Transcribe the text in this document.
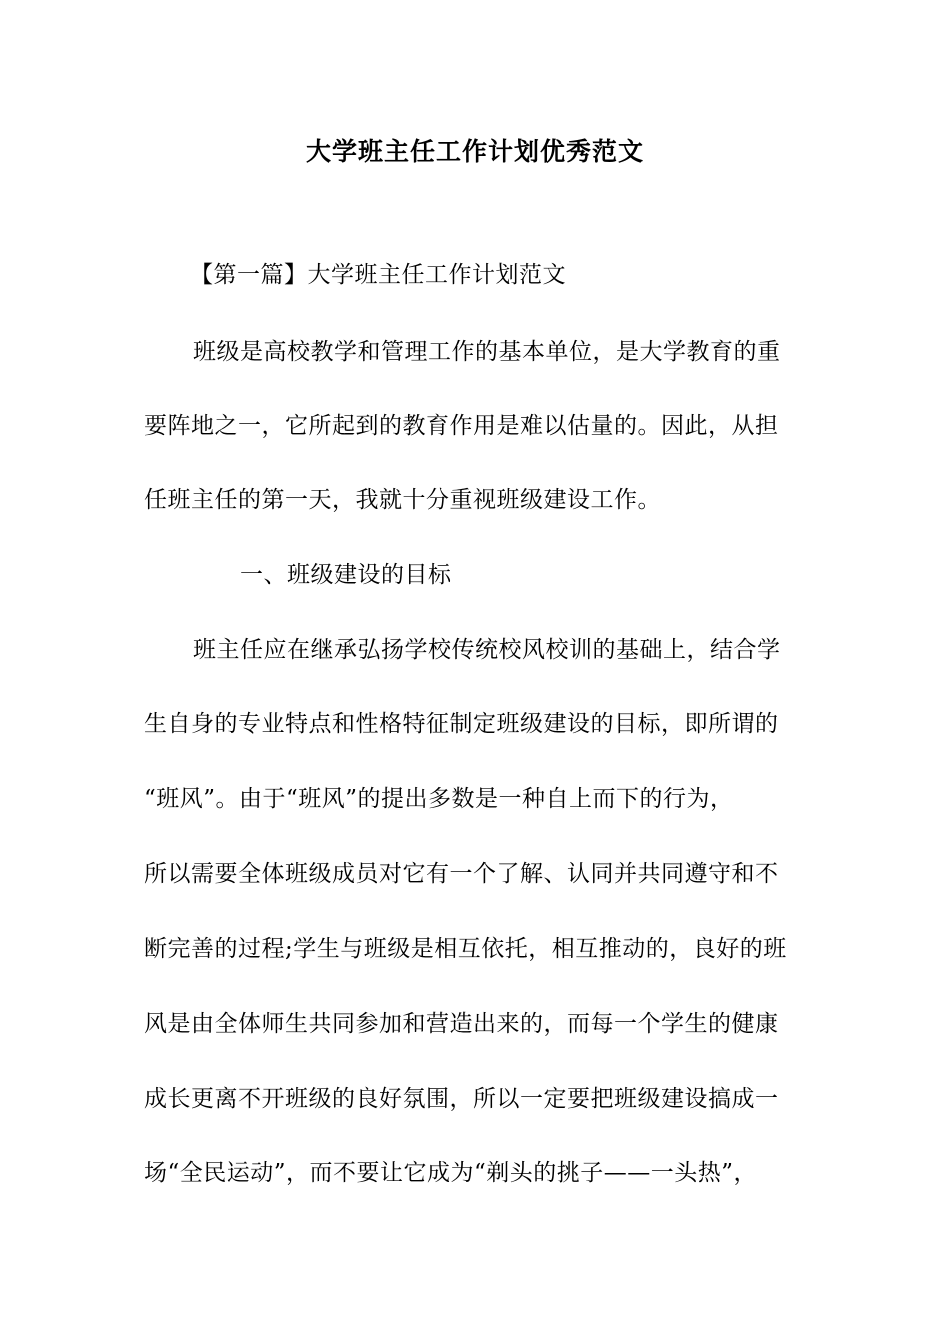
大学班主任工作计划优秀范文
【第一篇】大学班主任工作计划范文
班级是高校教学和管理工作的基本单位，是大学教育的重
要阵地之一，它所起到的教育作用是难以估量的。因此，从担
任班主任的第一天，我就十分重视班级建设工作。
一、班级建设的目标
班主任应在继承弘扬学校传统校风校训的基础上，结合学
生自身的专业特点和性格特征制定班级建设的目标，即所谓的
“班风”。由于“班风”的提出多数是一种自上而下的行为，
所以需要全体班级成员对它有一个了解、认同并共同遵守和不
断完善的过程;学生与班级是相互依托，相互推动的，良好的班
风是由全体师生共同参加和营造出来的，而每一个学生的健康
成长更离不开班级的良好氛围，所以一定要把班级建设搞成一
场“全民运动”，而不要让它成为“剃头的挑子——一头热”，
